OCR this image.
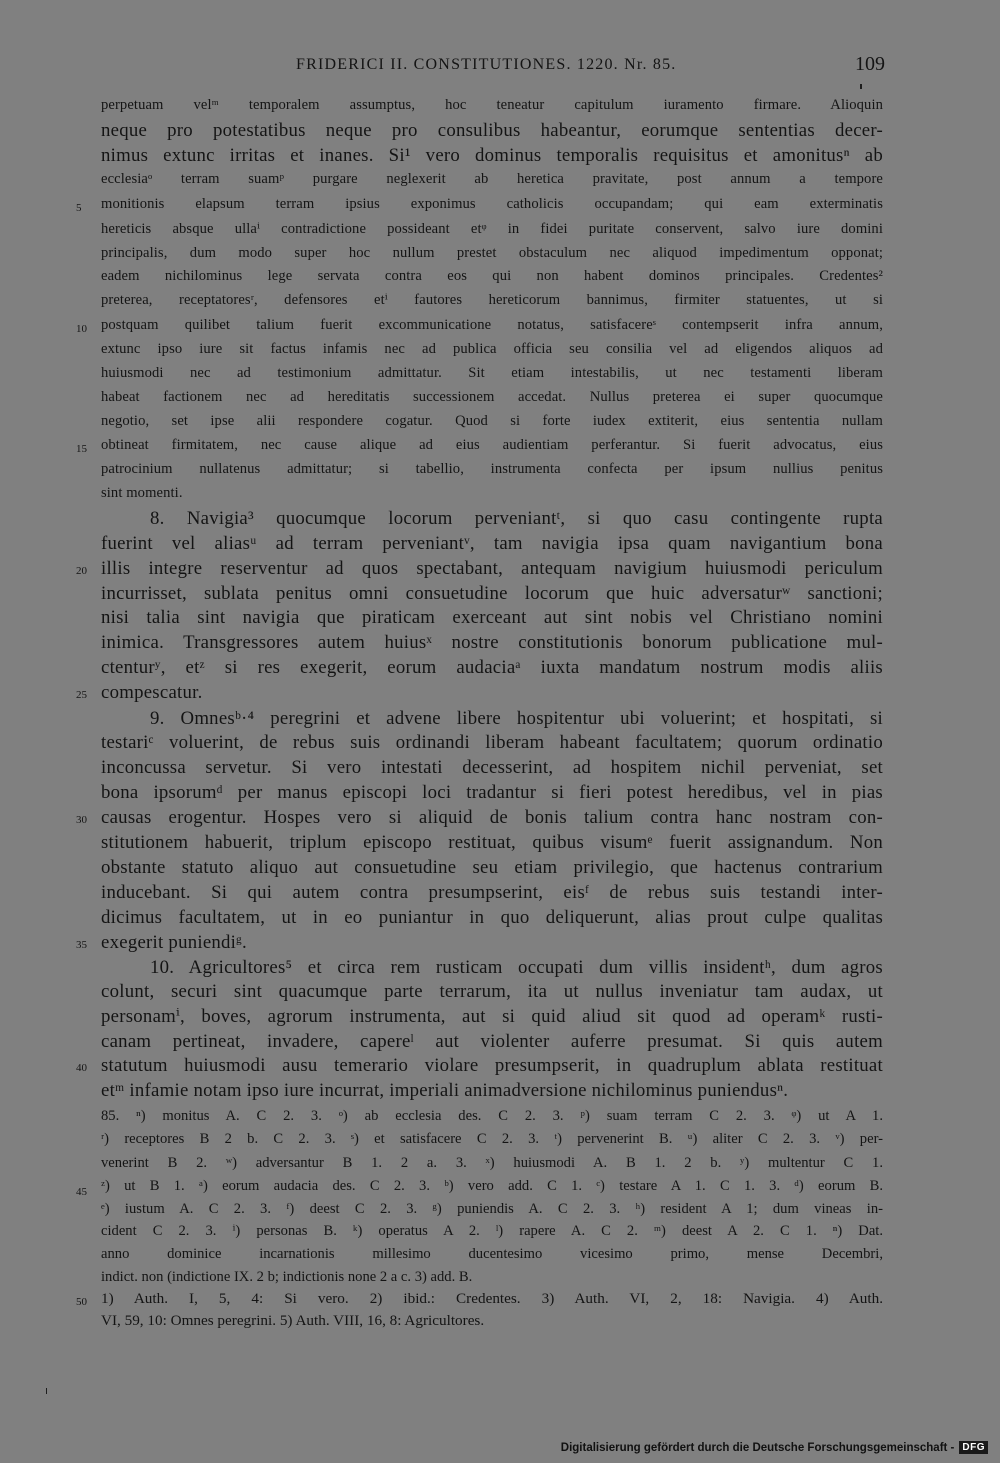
FRIDERICI II. CONSTITUTIONES. 1220. Nr. 85.	109
perpetuam velᵐ temporalem assumptus, hoc teneatur capitulum iuramento firmare. Alioquin
neque pro potestatibus neque pro consulibus habeantur, eorumque sententias decer-
nimus extunc irritas et inanes. Si¹ vero dominus temporalis requisitus et amonitusⁿ ab
ecclesiaᵒ terram suamᵖ purgare neglexerit ab heretica pravitate, post annum a tempore
monitionis elapsum terram ipsius exponimus catholicis occupandam; qui eam exterminatis
hereticis absque ullaⁱ contradictione possideant etᵠ in fidei puritate conservent, salvo iure domini
principalis, dum modo super hoc nullum prestet obstaculum nec aliquod impedimentum opponat;
eadem nichilominus lege servata contra eos qui non habent dominos principales. Credentes²
preterea, receptatoresʳ, defensores etⁱ fautores hereticorum bannimus, firmiter statuentes, ut si
postquam quilibet talium fuerit excommunicatione notatus, satisfacereˢ contempserit infra annum,
extunc ipso iure sit factus infamis nec ad publica officia seu consilia vel ad eligendos aliquos ad
huiusmodi nec ad testimonium admittatur. Sit etiam intestabilis, ut nec testamenti liberam
habeat factionem nec ad hereditatis successionem accedat. Nullus preterea ei super quocumque
negotio, set ipse alii respondere cogatur. Quod si forte iudex extiterit, eius sententia nullam
obtineat firmitatem, nec cause alique ad eius audientiam perferantur. Si fuerit advocatus, eius
patrocinium nullatenus admittatur; si tabellio, instrumenta confecta per ipsum nullius penitus
sint momenti.
8. Navigia³ quocumque locorum perveniantᵗ, si quo casu contingente rupta
fuerint vel aliasᵘ ad terram perveniantᵛ, tam navigia ipsa quam navigantium bona
illis integre reserventur ad quos spectabant, antequam navigium huiusmodi periculum
incurrisset, sublata penitus omni consuetudine locorum que huic adversaturʷ sanctioni;
nisi talia sint navigia que piraticam exerceant aut sint nobis vel Christiano nomini
inimica. Transgressores autem huiusˣ nostre constitutionis bonorum publicatione mul-
ctenturʸ, etᶻ si res exegerit, eorum audaciaᵃ iuxta mandatum nostrum modis aliis
compescatur.
9. Omnesᵇ·⁴ peregrini et advene libere hospitentur ubi voluerint; et hospitati, si
testariᶜ voluerint, de rebus suis ordinandi liberam habeant facultatem; quorum ordinatio
inconcussa servetur. Si vero intestati decesserint, ad hospitem nichil perveniat, set
bona ipsorumᵈ per manus episcopi loci tradantur si fieri potest heredibus, vel in pias
causas erogentur. Hospes vero si aliquid de bonis talium contra hanc nostram con-
stitutionem habuerit, triplum episcopo restituat, quibus visumᵉ fuerit assignandum. Non
obstante statuto aliquo aut consuetudine seu etiam privilegio, que hactenus contrarium
inducebant. Si qui autem contra presumpserint, eisᶠ de rebus suis testandi inter-
dicimus facultatem, ut in eo puniantur in quo deliquerunt, alias prout culpe qualitas
exegerit puniendiᵍ.
10. Agricultores⁵ et circa rem rusticam occupati dum villis insidentʰ, dum agros
colunt, securi sint quacumque parte terrarum, ita ut nullus inveniatur tam audax, ut
personamⁱ, boves, agrorum instrumenta, aut si quid aliud sit quod ad operamᵏ rusti-
canam pertineat, invadere, capereˡ aut violenter auferre presumat. Si quis autem
statutum huiusmodi ausu temerario violare presumpserit, in quadruplum ablata restituat
etᵐ infamie notam ipso iure incurrat, imperiali animadversione nichilominus puniendusⁿ.
85. ⁿ) monitus A. C 2. 3. ᵒ) ab ecclesia des. C 2. 3. ᵖ) suam terram C 2. 3. ᵠ) ut A 1.
ʳ) receptores B 2 b. C 2. 3. ˢ) et satisfacere C 2. 3. ᵗ) pervenerint B. ᵘ) aliter C 2. 3. ᵛ) per-
venerint B 2. ʷ) adversantur B 1. 2 a. 3. ˣ) huiusmodi A. B 1. 2 b. ʸ) multentur C 1.
ᶻ) ut B 1. ᵃ) eorum audacia des. C 2. 3. ᵇ) vero add. C 1. ᶜ) testare A 1. C 1. 3. ᵈ) eorum B.
ᵉ) iustum A. C 2. 3. ᶠ) deest C 2. 3. ᵍ) puniendis A. C 2. 3. ʰ) resident A 1; dum vineas in-
cident C 2. 3. ⁱ) personas B. ᵏ) operatus A 2. ˡ) rapere A. C 2. ᵐ) deest A 2. C 1. ⁿ) Dat.
anno dominice incarnationis millesimo ducentesimo vicesimo primo, mense Decembri,
indict. non (indictione IX. 2 b; indictionis none 2 a c. 3) add. B.
1) Auth. I, 5, 4: Si vero. 2) ibid.: Credentes. 3) Auth. VI, 2, 18: Navigia. 4) Auth.
VI, 59, 10: Omnes peregrini. 5) Auth. VIII, 16, 8: Agricultores.
5
10
15
20
25
30
35
40
45
50
Digitalisierung gefördert durch die Deutsche Forschungsgemeinschaft - DFG
